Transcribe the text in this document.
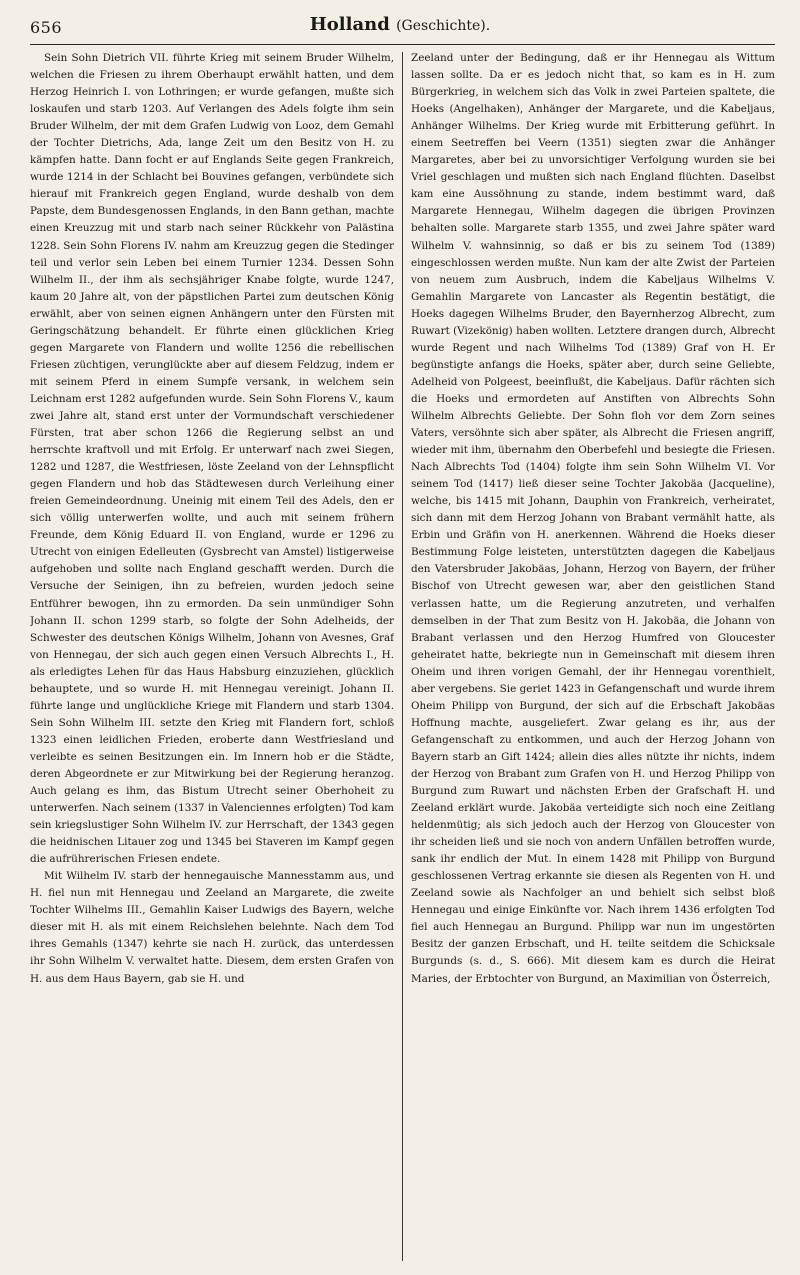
656	Holland (Geschichte).

Sein Sohn Dietrich VII. führte Krieg mit seinem Bruder Wilhelm, welchen die Friesen zu ihrem Oberhaupt erwählt hatten, und dem Herzog Heinrich I. von Lothringen; er wurde gefangen, mußte sich loskaufen und starb 1203. Auf Verlangen des Adels folgte ihm sein Bruder Wilhelm, der mit dem Grafen Ludwig von Looz, dem Gemahl der Tochter Dietrichs, Ada, lange Zeit um den Besitz von H. zu kämpfen hatte. Dann focht er auf Englands Seite gegen Frankreich, wurde 1214 in der Schlacht bei Bouvines gefangen, verbündete sich hierauf mit Frankreich gegen England, wurde deshalb von dem Papste, dem Bundesgenossen Englands, in den Bann gethan, machte einen Kreuzzug mit und starb nach seiner Rückkehr von Palästina 1228. Sein Sohn Florens IV. nahm am Kreuzzug gegen die Stedinger teil und verlor sein Leben bei einem Turnier 1234. Dessen Sohn Wilhelm II., der ihm als sechsjähriger Knabe folgte, wurde 1247, kaum 20 Jahre alt, von der päpstlichen Partei zum deutschen König erwählt, aber von seinen eignen Anhängern unter den Fürsten mit Geringschätzung behandelt. Er führte einen glücklichen Krieg gegen Margarete von Flandern und wollte 1256 die rebellischen Friesen züchtigen, verunglückte aber auf diesem Feldzug, indem er mit seinem Pferd in einem Sumpfe versank, in welchem sein Leichnam erst 1282 aufgefunden wurde. Sein Sohn Florens V., kaum zwei Jahre alt, stand erst unter der Vormundschaft verschiedener Fürsten, trat aber schon 1266 die Regierung selbst an und herrschte kraftvoll und mit Erfolg. Er unterwarf nach zwei Siegen, 1282 und 1287, die Westfriesen, löste Zeeland von der Lehnspflicht gegen Flandern und hob das Städtewesen durch Verleihung einer freien Gemeindeordnung. Uneinig mit einem Teil des Adels, den er sich völlig unterwerfen wollte, und auch mit seinem frühern Freunde, dem König Eduard II. von England, wurde er 1296 zu Utrecht von einigen Edelleuten (Gysbrecht van Amstel) listigerweise aufgehoben und sollte nach England geschafft werden. Durch die Versuche der Seinigen, ihn zu befreien, wurden jedoch seine Entführer bewogen, ihn zu ermorden. Da sein unmündiger Sohn Johann II. schon 1299 starb, so folgte der Sohn Adelheids, der Schwester des deutschen Königs Wilhelm, Johann von Avesnes, Graf von Hennegau, der sich auch gegen einen Versuch Albrechts I., H. als erledigtes Lehen für das Haus Habsburg einzuziehen, glücklich behauptete, und so wurde H. mit Hennegau vereinigt. Johann II. führte lange und unglückliche Kriege mit Flandern und starb 1304. Sein Sohn Wilhelm III. setzte den Krieg mit Flandern fort, schloß 1323 einen leidlichen Frieden, eroberte dann Westfriesland und verleibte es seinen Besitzungen ein. Im Innern hob er die Städte, deren Abgeordnete er zur Mitwirkung bei der Regierung heranzog. Auch gelang es ihm, das Bistum Utrecht seiner Oberhoheit zu unterwerfen. Nach seinem (1337 in Valenciennes erfolgten) Tod kam sein kriegslustiger Sohn Wilhelm IV. zur Herrschaft, der 1343 gegen die heidnischen Litauer zog und 1345 bei Staveren im Kampf gegen die aufrührerischen Friesen endete.

Mit Wilhelm IV. starb der hennegauische Mannesstamm aus, und H. fiel nun mit Hennegau und Zeeland an Margarete, die zweite Tochter Wilhelms III., Gemahlin Kaiser Ludwigs des Bayern, welche dieser mit H. als mit einem Reichslehen belehnte. Nach dem Tod ihres Gemahls (1347) kehrte sie nach H. zurück, das unterdessen ihr Sohn Wilhelm V. verwaltet hatte. Diesem, dem ersten Grafen von H. aus dem Haus Bayern, gab sie H. und

Zeeland unter der Bedingung, daß er ihr Hennegau als Wittum lassen sollte. Da er es jedoch nicht that, so kam es in H. zum Bürgerkrieg, in welchem sich das Volk in zwei Parteien spaltete, die Hoeks (Angelhaken), Anhänger der Margarete, und die Kabeljaus, Anhänger Wilhelms. Der Krieg wurde mit Erbitterung geführt. In einem Seetreffen bei Veern (1351) siegten zwar die Anhänger Margaretes, aber bei zu unvorsichtiger Verfolgung wurden sie bei Vriel geschlagen und mußten sich nach England flüchten. Daselbst kam eine Aussöhnung zu stande, indem bestimmt ward, daß Margarete Hennegau, Wilhelm dagegen die übrigen Provinzen behalten solle. Margarete starb 1355, und zwei Jahre später ward Wilhelm V. wahnsinnig, so daß er bis zu seinem Tod (1389) eingeschlossen werden mußte. Nun kam der alte Zwist der Parteien von neuem zum Ausbruch, indem die Kabeljaus Wilhelms V. Gemahlin Margarete von Lancaster als Regentin bestätigt, die Hoeks dagegen Wilhelms Bruder, den Bayernherzog Albrecht, zum Ruwart (Vizekönig) haben wollten. Letztere drangen durch, Albrecht wurde Regent und nach Wilhelms Tod (1389) Graf von H. Er begünstigte anfangs die Hoeks, später aber, durch seine Geliebte, Adelheid von Polgeest, beeinflußt, die Kabeljaus. Dafür rächten sich die Hoeks und ermordeten auf Anstiften von Albrechts Sohn Wilhelm Albrechts Geliebte. Der Sohn floh vor dem Zorn seines Vaters, versöhnte sich aber später, als Albrecht die Friesen angriff, wieder mit ihm, übernahm den Oberbefehl und besiegte die Friesen. Nach Albrechts Tod (1404) folgte ihm sein Sohn Wilhelm VI. Vor seinem Tod (1417) ließ dieser seine Tochter Jakobäa (Jacqueline), welche, bis 1415 mit Johann, Dauphin von Frankreich, verheiratet, sich dann mit dem Herzog Johann von Brabant vermählt hatte, als Erbin und Gräfin von H. anerkennen. Während die Hoeks dieser Bestimmung Folge leisteten, unterstützten dagegen die Kabeljaus den Vatersbruder Jakobäas, Johann, Herzog von Bayern, der früher Bischof von Utrecht gewesen war, aber den geistlichen Stand verlassen hatte, um die Regierung anzutreten, und verhalfen demselben in der That zum Besitz von H. Jakobäa, die Johann von Brabant verlassen und den Herzog Humfred von Gloucester geheiratet hatte, bekriegte nun in Gemeinschaft mit diesem ihren Oheim und ihren vorigen Gemahl, der ihr Hennegau vorenthielt, aber vergebens. Sie geriet 1423 in Gefangenschaft und wurde ihrem Oheim Philipp von Burgund, der sich auf die Erbschaft Jakobäas Hoffnung machte, ausgeliefert. Zwar gelang es ihr, aus der Gefangenschaft zu entkommen, und auch der Herzog Johann von Bayern starb an Gift 1424; allein dies alles nützte ihr nichts, indem der Herzog von Brabant zum Grafen von H. und Herzog Philipp von Burgund zum Ruwart und nächsten Erben der Grafschaft H. und Zeeland erklärt wurde. Jakobäa verteidigte sich noch eine Zeitlang heldenmütig; als sich jedoch auch der Herzog von Gloucester von ihr scheiden ließ und sie noch von andern Unfällen betroffen wurde, sank ihr endlich der Mut. In einem 1428 mit Philipp von Burgund geschlossenen Vertrag erkannte sie diesen als Regenten von H. und Zeeland sowie als Nachfolger an und behielt sich selbst bloß Hennegau und einige Einkünfte vor. Nach ihrem 1436 erfolgten Tod fiel auch Hennegau an Burgund. Philipp war nun im ungestörten Besitz der ganzen Erbschaft, und H. teilte seitdem die Schicksale Burgunds (s. d., S. 666). Mit diesem kam es durch die Heirat Maries, der Erbtochter von Burgund, an Maximilian von Österreich,
